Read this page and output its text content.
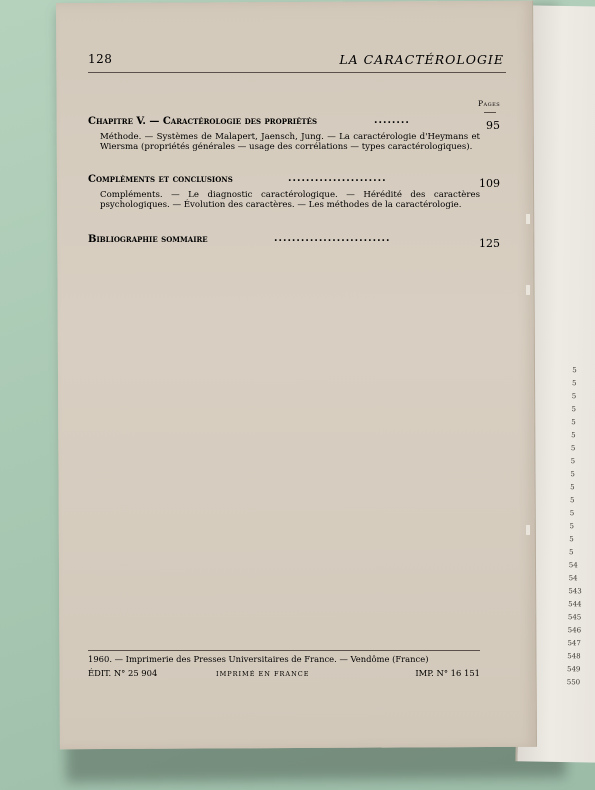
5
5
5
5
5
5
5
5
5
5
5
5
5
5
5
54
54
543
544
545
546
547
548
549
550
128	LA CARACTÉROLOGIE
Pages
Chapitre V. — Caractérologie des propriétés	........	95
Méthode. — Systèmes de Malapert, Jaensch, Jung. — La caractérologie d'Heymans et Wiersma (propriétés générales — usage des corrélations — types caractérologiques).
Compléments et conclusions	......................	109
Compléments. — Le diagnostic caractérologique. — Hérédité des caractères psychologiques. — Évolution des caractères. — Les méthodes de la caractérologie.
Bibliographie sommaire	..........................	125
1960. — Imprimerie des Presses Universitaires de France. — Vendôme (France)
ÉDIT. N° 25 904	IMPRIMÉ EN FRANCE	IMP. N° 16 151
